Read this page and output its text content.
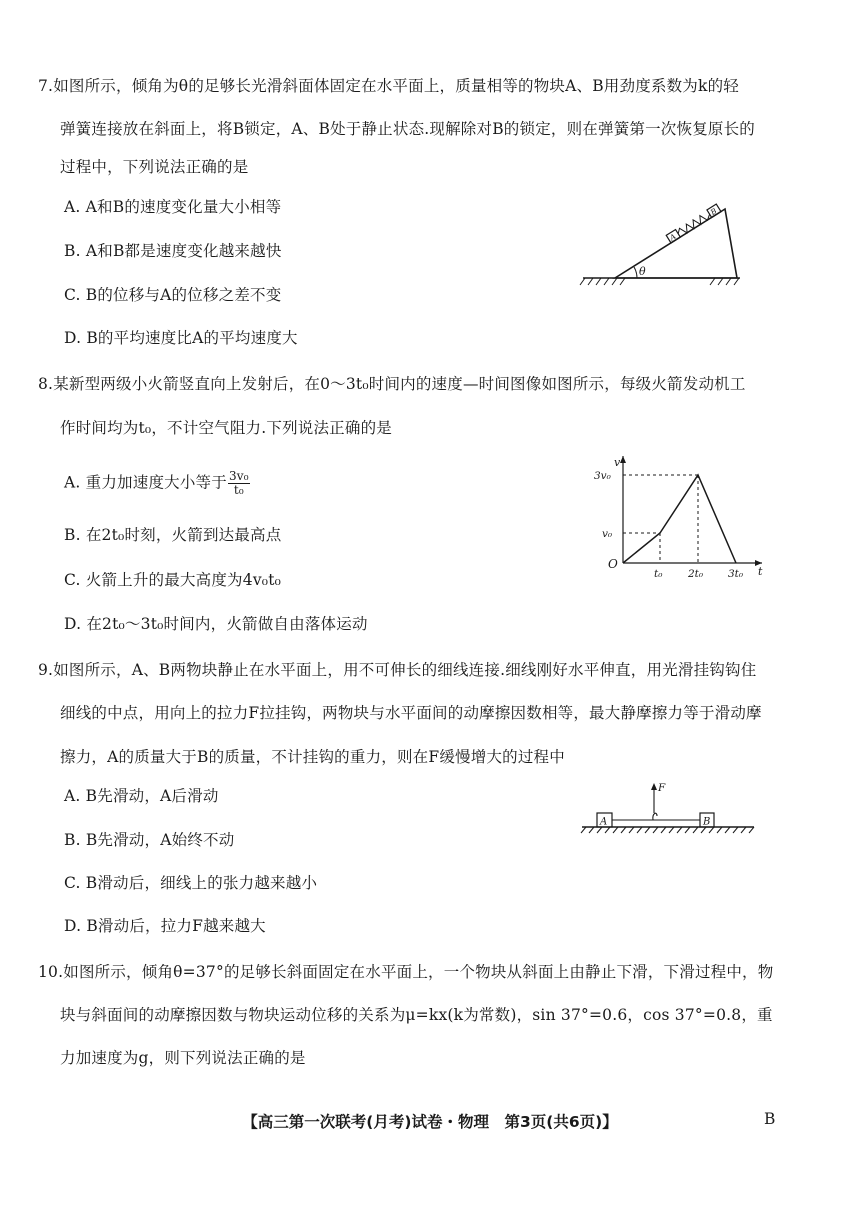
7.如图所示，倾角为θ的足够长光滑斜面体固定在水平面上，质量相等的物块A、B用劲度系数为k的轻
弹簧连接放在斜面上，将B锁定，A、B处于静止状态.现解除对B的锁定，则在弹簧第一次恢复原长的
过程中，下列说法正确的是
A. A和B的速度变化量大小相等
B. A和B都是速度变化越来越快
C. B的位移与A的位移之差不变
D. B的平均速度比A的平均速度大
θ
A
B
8.某新型两级小火箭竖直向上发射后，在0～3t₀时间内的速度—时间图像如图所示，每级火箭发动机工
作时间均为t₀，不计空气阻力.下列说法正确的是
A. 重力加速度大小等于 $\frac{\text{3v₀}}{\text{t₀}}$
B. 在2t₀时刻，火箭到达最高点
C. 火箭上升的最大高度为4v₀t₀
D. 在2t₀～3t₀时间内，火箭做自由落体运动
v
t
O
3v₀
v₀
t₀ 2t₀ 3t₀
9.如图所示，A、B两物块静止在水平面上，用不可伸长的细线连接.细线刚好水平伸直，用光滑挂钩钩住
细线的中点，用向上的拉力F拉挂钩，两物块与水平面间的动摩擦因数相等，最大静摩擦力等于滑动摩
擦力，A的质量大于B的质量，不计挂钩的重力，则在F缓慢增大的过程中
A. B先滑动，A后滑动
B. B先滑动，A始终不动
C. B滑动后，细线上的张力越来越小
D. B滑动后，拉力F越来越大
A	B
F
10.如图所示，倾角θ=37°的足够长斜面固定在水平面上，一个物块从斜面上由静止下滑，下滑过程中，物
块与斜面间的动摩擦因数与物块运动位移的关系为μ=kx(k为常数)，sin 37°=0.6，cos 37°=0.8，重
力加速度为g，则下列说法正确的是
【高三第一次联考(月考)试卷・物理　第3页(共6页)】	B
